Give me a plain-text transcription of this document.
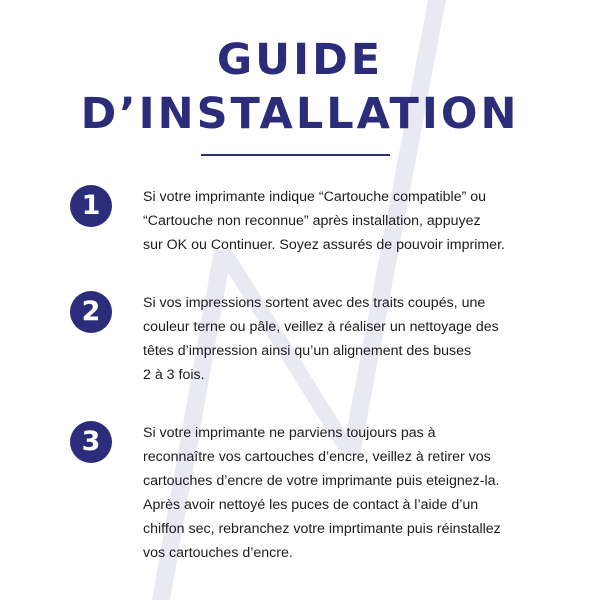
GUIDE
D’INSTALLATION
1	Si votre imprimante indique “Cartouche compatible” ou
“Cartouche non reconnue” après installation, appuyez
sur OK ou Continuer. Soyez assurés de pouvoir imprimer.
2	Si vos impressions sortent avec des traits coupés, une
couleur terne ou pâle, veillez à réaliser un nettoyage des
têtes d’impression ainsi qu’un alignement des buses
2 à 3 fois.
3	Si votre imprimante ne parviens toujours pas à
reconnaître vos cartouches d’encre, veillez à retirer vos
cartouches d’encre de votre imprimante puis eteignez-la.
Après avoir nettoyé les puces de contact à l’aide d’un
chiffon sec, rebranchez votre imprtimante puis réinstallez
vos cartouches d’encre.
